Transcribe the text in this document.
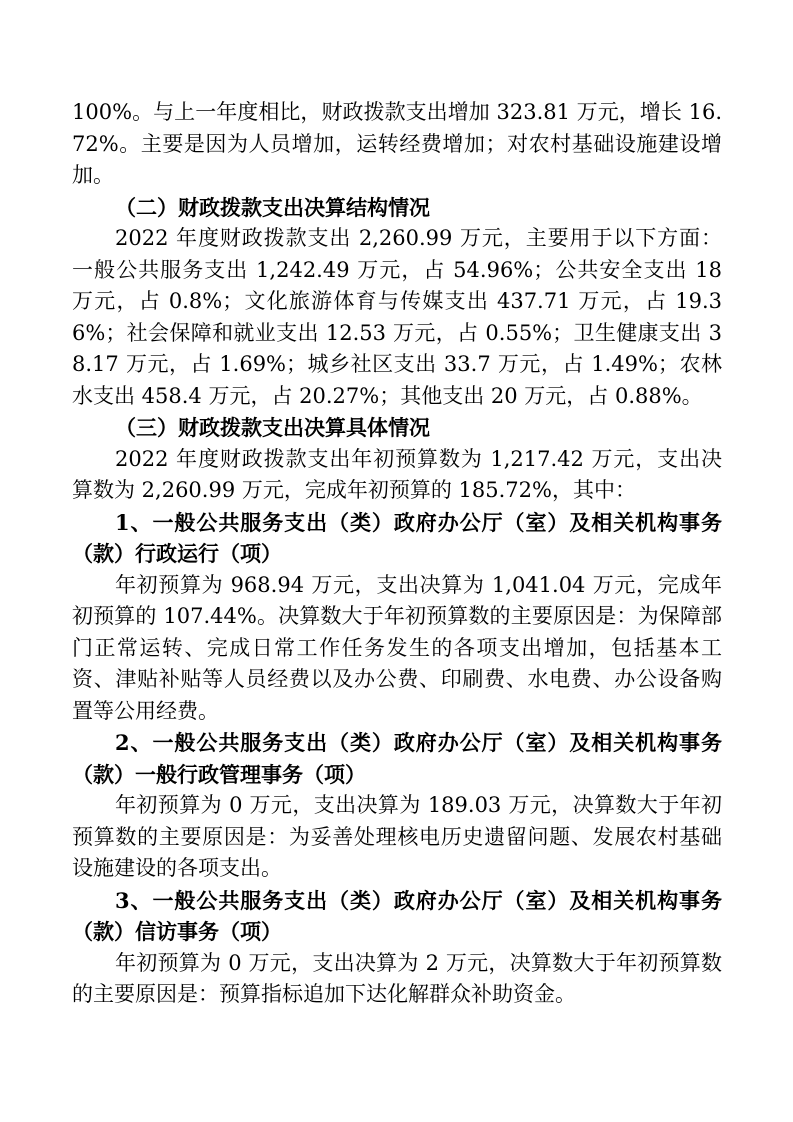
100%。与上一年度相比，财政拨款支出增加 323.81 万元，增长 16.72%。主要是因为人员增加，运转经费增加；对农村基础设施建设增加。

（二）财政拨款支出决算结构情况

2022 年度财政拨款支出 2,260.99 万元，主要用于以下方面：一般公共服务支出 1,242.49 万元，占 54.96%；公共安全支出 18 万元，占 0.8%；文化旅游体育与传媒支出 437.71 万元，占 19.36%；社会保障和就业支出 12.53 万元，占 0.55%；卫生健康支出 38.17 万元，占 1.69%；城乡社区支出 33.7 万元，占 1.49%；农林水支出 458.4 万元，占 20.27%；其他支出 20 万元，占 0.88%。

（三）财政拨款支出决算具体情况

2022 年度财政拨款支出年初预算数为 1,217.42 万元，支出决算数为 2,260.99 万元，完成年初预算的 185.72%，其中：

1、一般公共服务支出（类）政府办公厅（室）及相关机构事务（款）行政运行（项）

年初预算为 968.94 万元，支出决算为 1,041.04 万元，完成年初预算的 107.44%。决算数大于年初预算数的主要原因是：为保障部门正常运转、完成日常工作任务发生的各项支出增加，包括基本工资、津贴补贴等人员经费以及办公费、印刷费、水电费、办公设备购置等公用经费。

2、一般公共服务支出（类）政府办公厅（室）及相关机构事务（款）一般行政管理事务（项）

年初预算为 0 万元，支出决算为 189.03 万元，决算数大于年初预算数的主要原因是：为妥善处理核电历史遗留问题、发展农村基础设施建设的各项支出。

3、一般公共服务支出（类）政府办公厅（室）及相关机构事务（款）信访事务（项）

年初预算为 0 万元，支出决算为 2 万元，决算数大于年初预算数的主要原因是：预算指标追加下达化解群众补助资金。
